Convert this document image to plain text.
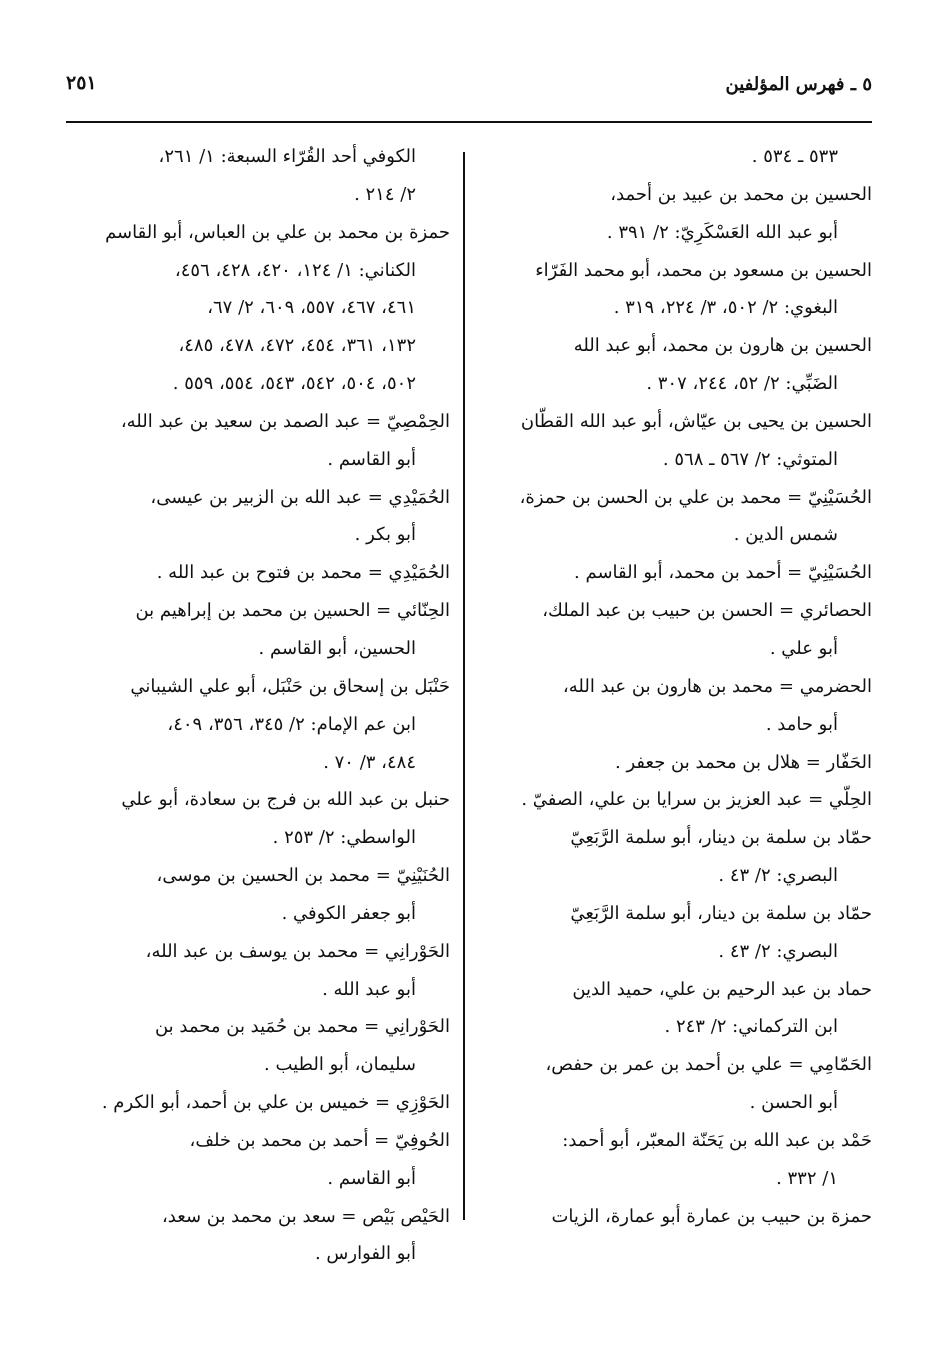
٢٥١	٥ ـ فهرس المؤلفين
٥٣٣ ـ ٥٣٤ .
الحسين بن محمد بن عبيد بن أحمد،
أبو عبد الله العَسْكَرِيّ: ٢/ ٣٩١ .
الحسين بن مسعود بن محمد، أبو محمد الفَرّاء
البغوي: ٢/ ٥٠٢، ٣/ ٢٢٤، ٣١٩ .
الحسين بن هارون بن محمد، أبو عبد الله
الضَبِّي: ٢/ ٥٢، ٢٤٤، ٣٠٧ .
الحسين بن يحيى بن عيّاش، أبو عبد الله القطّان
المتوثي: ٢/ ٥٦٧ ـ ٥٦٨ .
الحُسَيْنِيّ = محمد بن علي بن الحسن بن حمزة،
شمس الدين .
الحُسَيْنِيّ = أحمد بن محمد، أبو القاسم .
الحصائري = الحسن بن حبيب بن عبد الملك،
أبو علي .
الحضرمي = محمد بن هارون بن عبد الله،
أبو حامد .
الحَفّار = هلال بن محمد بن جعفر .
الحِلّي = عبد العزيز بن سرايا بن علي، الصفيّ .
حمّاد بن سلمة بن دينار، أبو سلمة الرَّبَعِيّ
البصري: ٢/ ٤٣ .
حمّاد بن سلمة بن دينار، أبو سلمة الرَّبَعِيّ
البصري: ٢/ ٤٣ .
حماد بن عبد الرحيم بن علي، حميد الدين
ابن التركماني: ٢/ ٢٤٣ .
الحَمّامِي = علي بن أحمد بن عمر بن حفص،
أبو الحسن .
حَمْد بن عبد الله بن يَحَنّة المعبّر، أبو أحمد:
١/ ٣٣٢ .
حمزة بن حبيب بن عمارة أبو عمارة، الزيات
الكوفي أحد القُرّاء السبعة: ١/ ٢٦١،
٢/ ٢١٤ .
حمزة بن محمد بن علي بن العباس، أبو القاسم
الكناني: ١/ ١٢٤، ٤٢٠، ٤٢٨، ٤٥٦،
٤٦١، ٤٦٧، ٥٥٧، ٦٠٩، ٢/ ٦٧،
١٣٢، ٣٦١، ٤٥٤، ٤٧٢، ٤٧٨، ٤٨٥،
٥٠٢، ٥٠٤، ٥٤٢، ٥٤٣، ٥٥٤، ٥٥٩ .
الحِمْصِيّ = عبد الصمد بن سعيد بن عبد الله،
أبو القاسم .
الحُمَيْدِي = عبد الله بن الزبير بن عيسى،
أبو بكر .
الحُمَيْدِي = محمد بن فتوح بن عبد الله .
الحِنّائي = الحسين بن محمد بن إبراهيم بن
الحسين، أبو القاسم .
حَنْبَل بن إسحاق بن حَنْبَل، أبو علي الشيباني
ابن عم الإمام: ٢/ ٣٤٥، ٣٥٦، ٤٠٩،
٤٨٤، ٣/ ٧٠ .
حنبل بن عبد الله بن فرج بن سعادة، أبو علي
الواسطي: ٢/ ٢٥٣ .
الحُنَيْنِيّ = محمد بن الحسين بن موسى،
أبو جعفر الكوفي .
الحَوْرانِي = محمد بن يوسف بن عبد الله،
أبو عبد الله .
الحَوْرانِي = محمد بن حُمَيد بن محمد بن
سليمان، أبو الطيب .
الحَوْزِي = خميس بن علي بن أحمد، أبو الكرم .
الحُوفِيّ = أحمد بن محمد بن خلف،
أبو القاسم .
الحَيْص بَيْص = سعد بن محمد بن سعد،
أبو الفوارس .
